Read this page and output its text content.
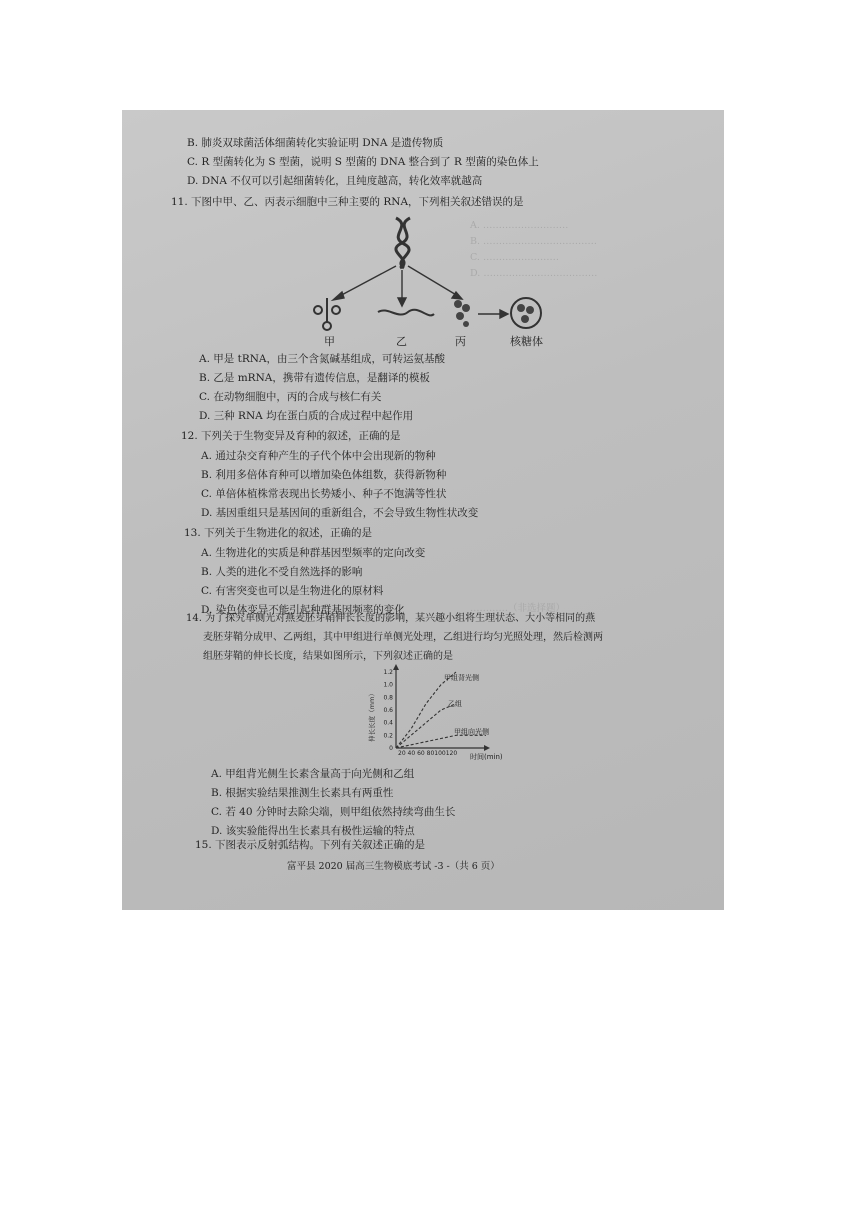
A. ………………………
B. ………………………………
C. ……………………
D. ………………………………
…………（非选择题）
B. 肺炎双球菌活体细菌转化实验证明 DNA 是遗传物质
C. R 型菌转化为 S 型菌，说明 S 型菌的 DNA 整合到了 R 型菌的染色体上
D. DNA 不仅可以引起细菌转化，且纯度越高，转化效率就越高
11. 下图中甲、乙、丙表示细胞中三种主要的 RNA，下列相关叙述错误的是
甲	乙	丙	核糖体
A. 甲是 tRNA，由三个含氮碱基组成，可转运氨基酸
B. 乙是 mRNA，携带有遗传信息，是翻译的模板
C. 在动物细胞中，丙的合成与核仁有关
D. 三种 RNA 均在蛋白质的合成过程中起作用
12. 下列关于生物变异及育种的叙述，正确的是
A. 通过杂交育种产生的子代个体中会出现新的物种
B. 利用多倍体育种可以增加染色体组数，获得新物种
C. 单倍体植株常表现出长势矮小、种子不饱满等性状
D. 基因重组只是基因间的重新组合，不会导致生物性状改变
13. 下列关于生物进化的叙述，正确的是
A. 生物进化的实质是种群基因型频率的定向改变
B. 人类的进化不受自然选择的影响
C. 有害突变也可以是生物进化的原材料
D. 染色体变异不能引起种群基因频率的变化
14. 为了探究单侧光对燕麦胚芽鞘伸长长度的影响，某兴趣小组将生理状态、大小等相同的燕
麦胚芽鞘分成甲、乙两组，其中甲组进行单侧光处理，乙组进行均匀光照处理，然后检测两
组胚芽鞘的伸长长度，结果如图所示，下列叙述正确的是
伸长长度（mm）
1.2
1.0
0.8
0.6
0.4
0.2
0
20 40 60 80100120 时间(min)
甲组背光侧
乙组
甲组向光侧
A. 甲组背光侧生长素含量高于向光侧和乙组
B. 根据实验结果推测生长素具有两重性
C. 若 40 分钟时去除尖端，则甲组依然持续弯曲生长
D. 该实验能得出生长素具有极性运输的特点
15. 下图表示反射弧结构。下列有关叙述正确的是
富平县 2020 届高三生物模底考试 -3 -（共 6 页）
